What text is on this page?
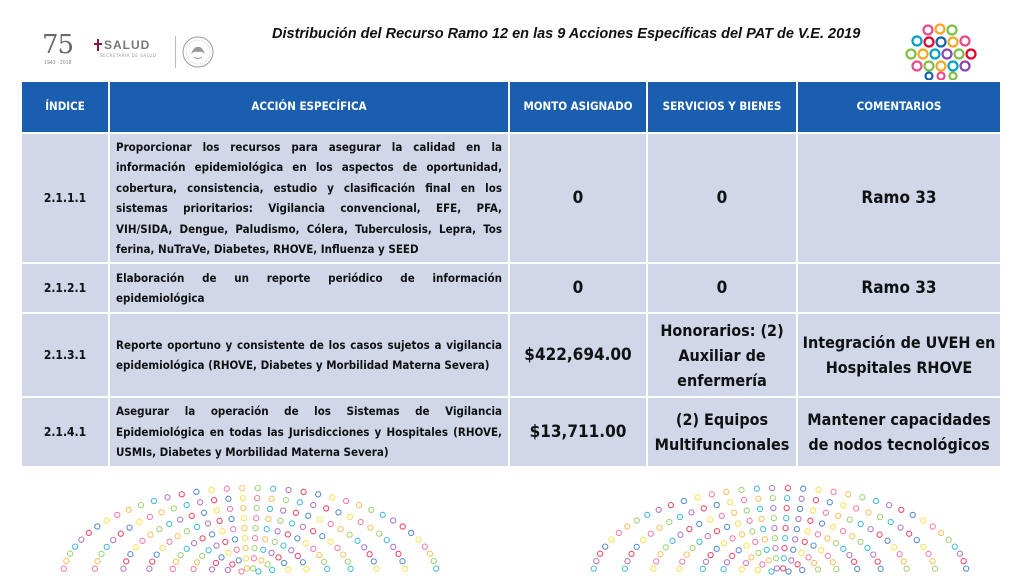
75
1943 - 2018
SALUD
SECRETARÍA DE SALUD
Distribución del Recurso Ramo 12 en las 9 Acciones Específicas del PAT de V.E. 2019
ÍNDICE	ACCIÓN ESPECÍFICA	MONTO ASIGNADO	SERVICIOS Y BIENES	COMENTARIOS
2.1.1.1	Proporcionar los recursos para asegurar la calidad en la información epidemiológica en los aspectos de oportunidad, cobertura, consistencia, estudio y clasificación final en los sistemas prioritarios: Vigilancia convencional, EFE, PFA, VIH/SIDA, Dengue, Paludismo, Cólera, Tuberculosis, Lepra, Tos ferina, NuTraVe, Diabetes, RHOVE, Influenza y SEED	0	0	Ramo 33
2.1.2.1	Elaboración de un reporte periódico de información epidemiológica	0	0	Ramo 33
2.1.3.1	Reporte oportuno y consistente de los casos sujetos a vigilancia epidemiológica (RHOVE, Diabetes y Morbilidad Materna Severa)	$422,694.00	Honorarios: (2) Auxiliar de enfermería	Integración de UVEH en Hospitales RHOVE
2.1.4.1	Asegurar la operación de los Sistemas de Vigilancia Epidemiológica en todas las Jurisdicciones y Hospitales (RHOVE, USMIs, Diabetes y Morbilidad Materna Severa)	$13,711.00	(2) Equipos Multifuncionales	Mantener capacidades de nodos tecnológicos
